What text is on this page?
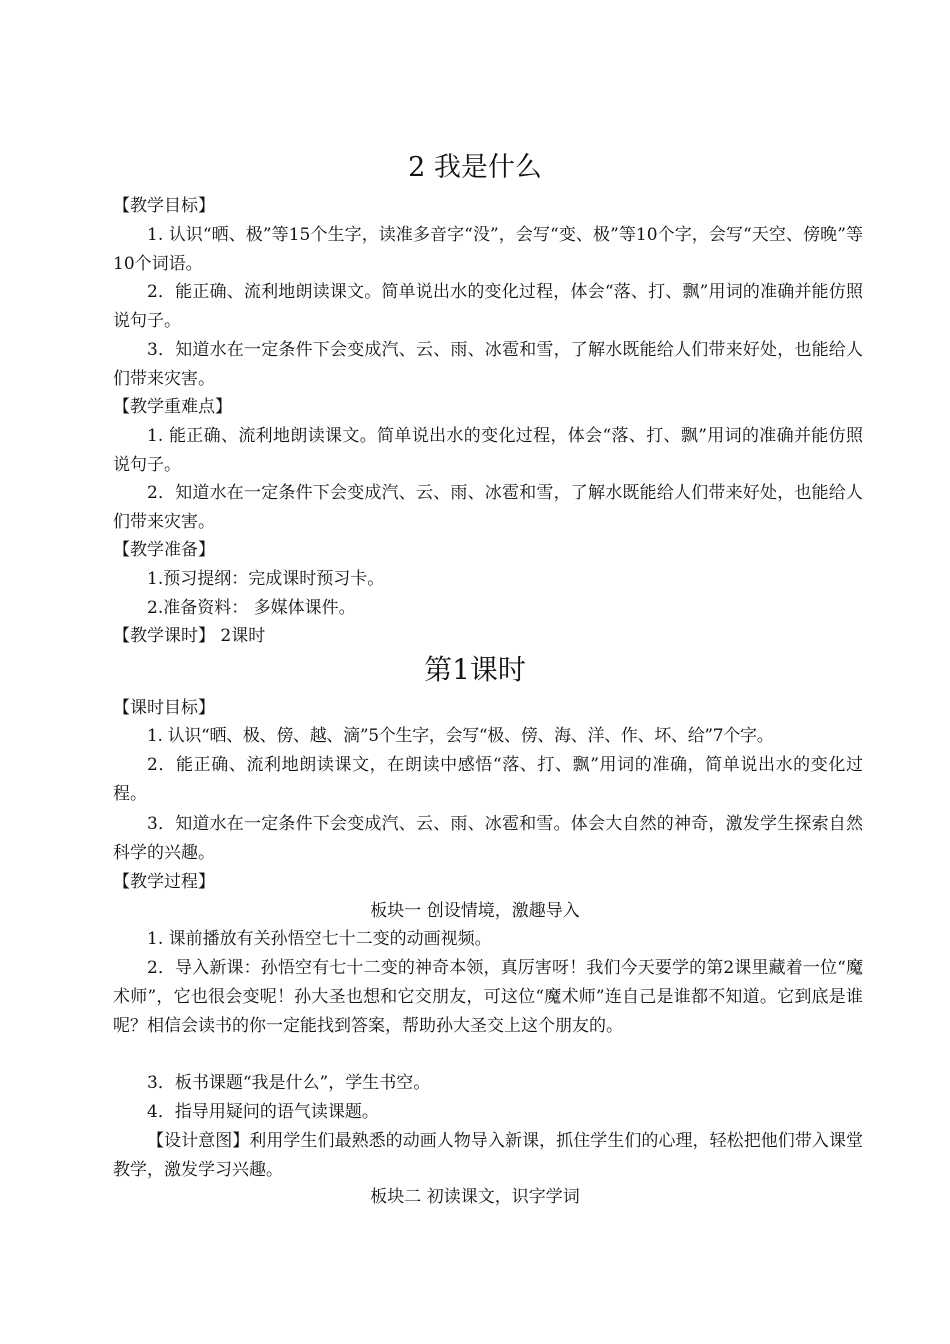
2 我是什么
【教学目标】
1. 认识“晒、极”等15个生字，读准多音字“没”，会写“变、极”等10个字，会写“天空、傍晚”等10个词语。
2．能正确、流利地朗读课文。简单说出水的变化过程，体会“落、打、飘”用词的准确并能仿照说句子。
3．知道水在一定条件下会变成汽、云、雨、冰雹和雪，了解水既能给人们带来好处，也能给人们带来灾害。
【教学重难点】
1. 能正确、流利地朗读课文。简单说出水的变化过程，体会“落、打、飘”用词的准确并能仿照说句子。
2．知道水在一定条件下会变成汽、云、雨、冰雹和雪，了解水既能给人们带来好处，也能给人们带来灾害。
【教学准备】
1.预习提纲：完成课时预习卡。
2.准备资料： 多媒体课件。
【教学课时】 2课时
第1课时
【课时目标】
1. 认识“晒、极、傍、越、滴”5个生字，会写“极、傍、海、洋、作、坏、给”7个字。
2．能正确、流利地朗读课文，在朗读中感悟“落、打、飘”用词的准确，简单说出水的变化过程。
3．知道水在一定条件下会变成汽、云、雨、冰雹和雪。体会大自然的神奇，激发学生探索自然科学的兴趣。
【教学过程】
板块一 创设情境，激趣导入
1. 课前播放有关孙悟空七十二变的动画视频。
2．导入新课：孙悟空有七十二变的神奇本领，真厉害呀！我们今天要学的第2课里藏着一位“魔术师”，它也很会变呢！孙大圣也想和它交朋友，可这位“魔术师”连自己是谁都不知道。它到底是谁呢？相信会读书的你一定能找到答案，帮助孙大圣交上这个朋友的。
3．板书课题“我是什么”，学生书空。
4．指导用疑问的语气读课题。
【设计意图】利用学生们最熟悉的动画人物导入新课，抓住学生们的心理，轻松把他们带入课堂教学，激发学习兴趣。
板块二 初读课文，识字学词
